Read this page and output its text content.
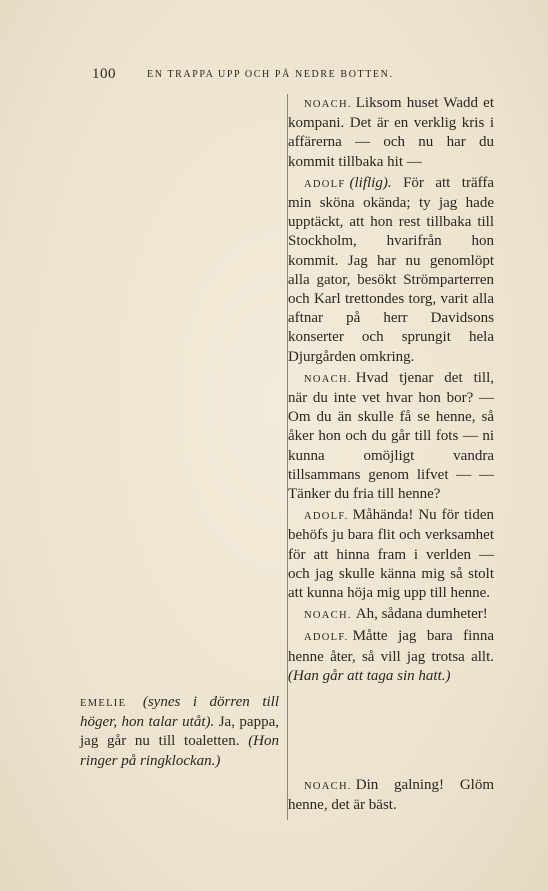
100	EN TRAPPA UPP OCH PÅ NEDRE BOTTEN.

NOACH. Liksom huset Wadd et kompani. Det är en verklig kris i affärerna — och nu har du kommit tillbaka hit —

ADOLF (liflig). För att träffa min sköna okända; ty jag hade upptäckt, att hon rest tillbaka till Stockholm, hvarifrån hon kommit. Jag har nu genomlöpt alla gator, besökt Strömparterren och Karl trettondes torg, varit alla aftnar på herr Davidsons konserter och sprungit hela Djurgården omkring.

NOACH. Hvad tjenar det till, när du inte vet hvar hon bor? — Om du än skulle få se henne, så åker hon och du går till fots — ni kunna omöjligt vandra tillsammans genom lifvet — — Tänker du fria till henne?

ADOLF. Måhända! Nu för tiden behöfs ju bara flit och verksamhet för att hinna fram i verlden — och jag skulle känna mig så stolt att kunna höja mig upp till henne.

NOACH. Ah, sådana dumheter!

ADOLF. Måtte jag bara finna henne åter, så vill jag trotsa allt. (Han går att taga sin hatt.)

EMELIE (synes i dörren till höger, hon talar utåt). Ja, pappa, jag går nu till toaletten. (Hon ringer på ringklockan.)

NOACH. Din galning! Glöm henne, det är bäst.
